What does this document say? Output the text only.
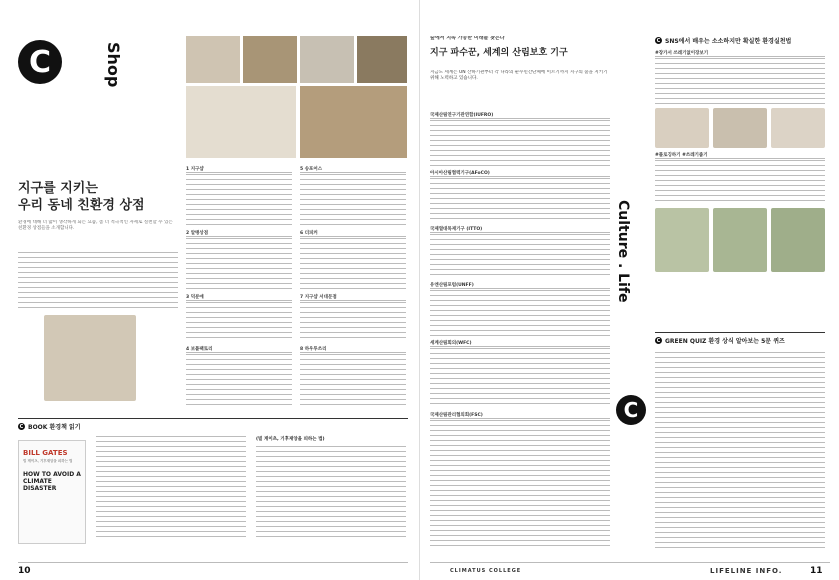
C	Shop
지구를 지키는
우리 동네 친환경 상점
환경에 대해 더 많이 생각하게 되는 요즘, 좀 더 적극적인 자세로 실천할 수 있는 친환경 상점들을 소개합니다.
1 지구샵
2 알맹상점
3 덕분애
4 보틀팩토리
5 송포어스
6 더피커
7 지구샵 서대문점
8 하우투쓰리
C BOOK 환경책 읽기
BILL GATES
빌 게이츠, 기후재앙을 피하는 법
HOW TO AVOID A CLIMATE DISASTER
(빌 게이츠, 기후재앙을 피하는 법)
10
숲에서 지속 가능한 미래를 찾는다
지구 파수꾼, 세계의 산림보호 기구
지금도 세계는 UN 산하기관부터 각 나라의 순수민간단체에 이르기까지 지구의 숲을 지키기 위해 노력하고 있습니다.
국제산림연구기관연합(IUFRO)
아시아산림협력기구(AFoCO)
국제열대목재기구 (ITTO)
유엔산림포럼(UNFF)
세계산림회의(WFC)
국제산림관리협의회(FSC)
Culture . Life
C
C SNS에서 배우는 소소하지만 확실한 환경실천법
#장가서 쓰레기없이장보기
#플로깅하기 #쓰레기줍기
C GREEN QUIZ 환경 상식 알아보는 5문 퀴즈
CLIMATUS COLLEGE	LIFELINE INFO.	11
